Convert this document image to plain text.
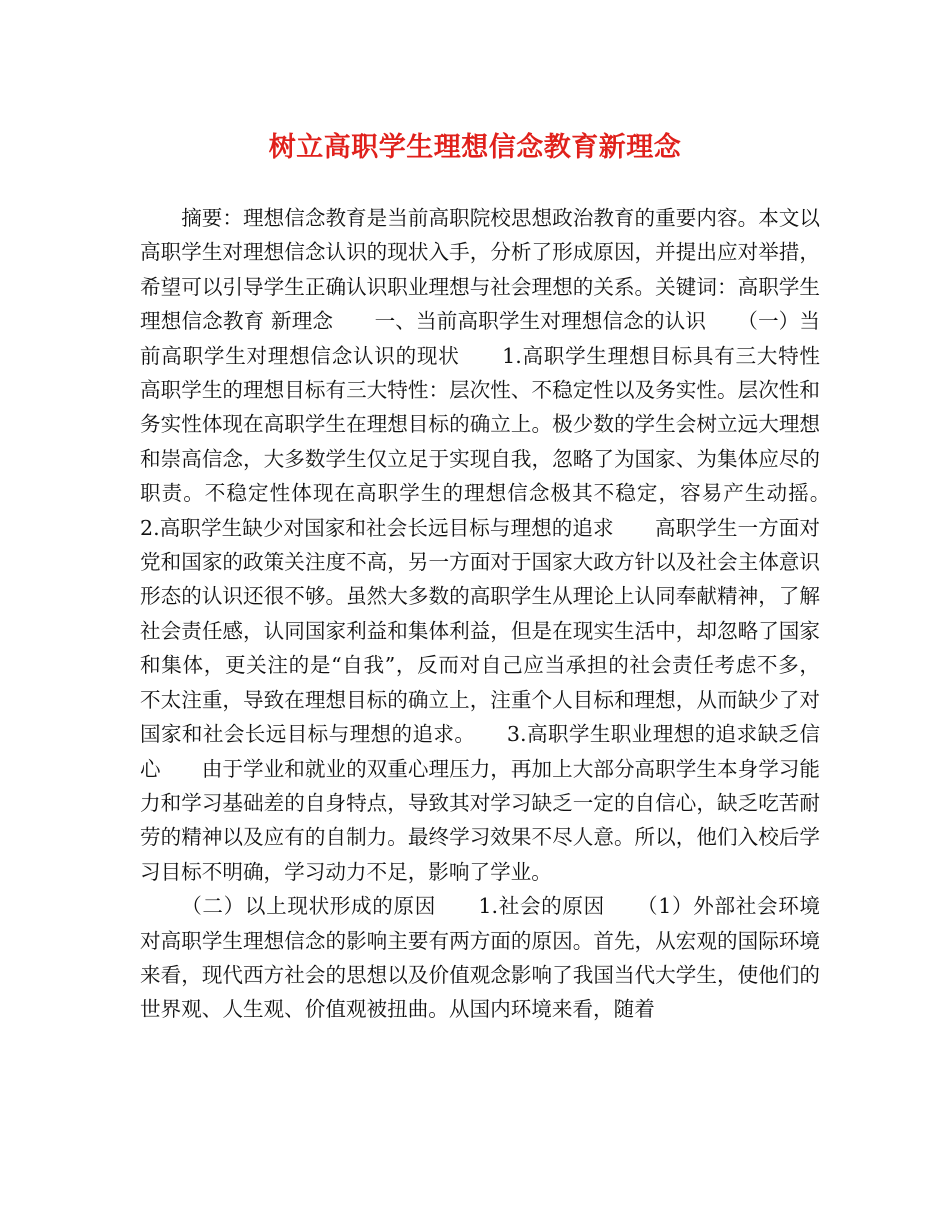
树立高职学生理想信念教育新理念

摘要：理想信念教育是当前高职院校思想政治教育的重要内容。本文以高职学生对理想信念认识的现状入手，分析了形成原因，并提出应对举措，希望可以引导学生正确认识职业理想与社会理想的关系。关键词：高职学生 理想信念教育 新理念　　一、当前高职学生对理想信念的认识　　（一）当前高职学生对理想信念认识的现状　　1.高职学生理想目标具有三大特性　　高职学生的理想目标有三大特性：层次性、不稳定性以及务实性。层次性和务实性体现在高职学生在理想目标的确立上。极少数的学生会树立远大理想和崇高信念，大多数学生仅立足于实现自我，忽略了为国家、为集体应尽的职责。不稳定性体现在高职学生的理想信念极其不稳定，容易产生动摇。　　2.高职学生缺少对国家和社会长远目标与理想的追求　　高职学生一方面对党和国家的政策关注度不高，另一方面对于国家大政方针以及社会主体意识形态的认识还很不够。虽然大多数的高职学生从理论上认同奉献精神，了解社会责任感，认同国家利益和集体利益，但是在现实生活中，却忽略了国家和集体，更关注的是“自我”，反而对自己应当承担的社会责任考虑不多，不太注重，导致在理想目标的确立上，注重个人目标和理想，从而缺少了对国家和社会长远目标与理想的追求。　　3.高职学生职业理想的追求缺乏信心　　由于学业和就业的双重心理压力，再加上大部分高职学生本身学习能力和学习基础差的自身特点，导致其对学习缺乏一定的自信心，缺乏吃苦耐劳的精神以及应有的自制力。最终学习效果不尽人意。所以，他们入校后学习目标不明确，学习动力不足，影响了学业。

（二）以上现状形成的原因　　1.社会的原因　　（1）外部社会环境对高职学生理想信念的影响主要有两方面的原因。首先，从宏观的国际环境来看，现代西方社会的思想以及价值观念影响了我国当代大学生，使他们的世界观、人生观、价值观被扭曲。从国内环境来看，随着
